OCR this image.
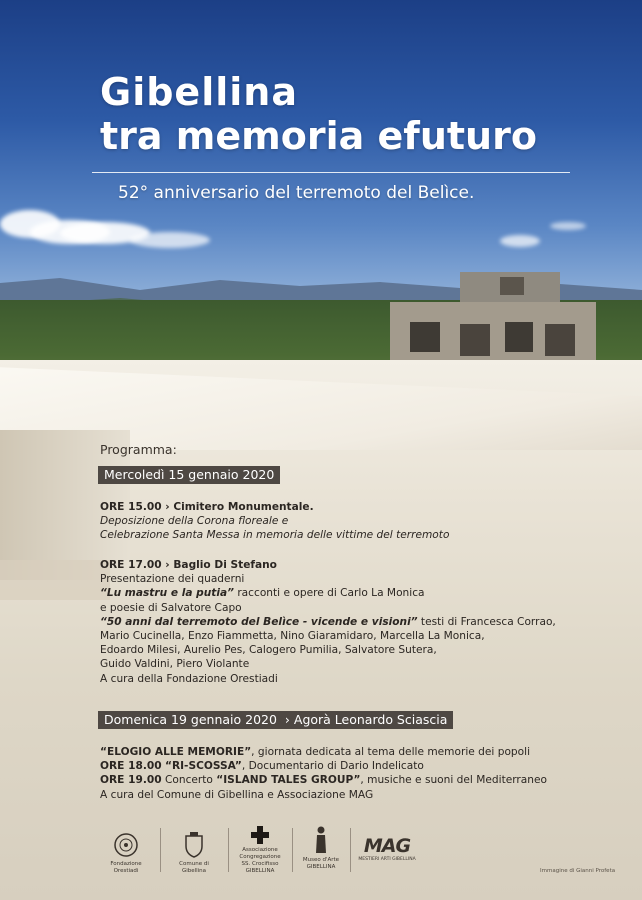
Gibellina
tra memoria efuturo

52° anniversario del terremoto del Belìce.

Programma:

Mercoledì 15 gennaio 2020

ORE 15.00 › Cimitero Monumentale.

Deposizione della Corona floreale e

Celebrazione Santa Messa in memoria delle vittime del terremoto

ORE 17.00 › Baglio Di Stefano

Presentazione dei quaderni

“Lu mastru e la putia” racconti e opere di Carlo La Monica

e poesie di Salvatore Capo

“50 anni dal terremoto del Belìce - vicende e visioni” testi di Francesca Corrao,

Mario Cucinella, Enzo Fiammetta, Nino Giaramidaro, Marcella La Monica,

Edoardo Milesi, Aurelio Pes, Calogero Pumilia, Salvatore Sutera,

Guido Valdini, Piero Violante

A cura della Fondazione Orestiadi

Domenica 19 gennaio 2020  › Agorà Leonardo Sciascia

“ELOGIO ALLE MEMORIE”, giornata dedicata al tema delle memorie dei popoli

ORE 18.00 “RI-SCOSSA”, Documentario di Dario Indelicato

ORE 19.00 Concerto “ISLAND TALES GROUP”, musiche e suoni del Mediterraneo

A cura del Comune di Gibellina e Associazione MAG

Fondazione Orestiadi
Comune di Gibellina
Associazione
Congregazione
SS. Crocifisso
GIBELLINA
Museo d'Arte
GIBELLINA
MAG
MESTIERI ARTI GIBELLINA
Immagine di Gianni Profeta
